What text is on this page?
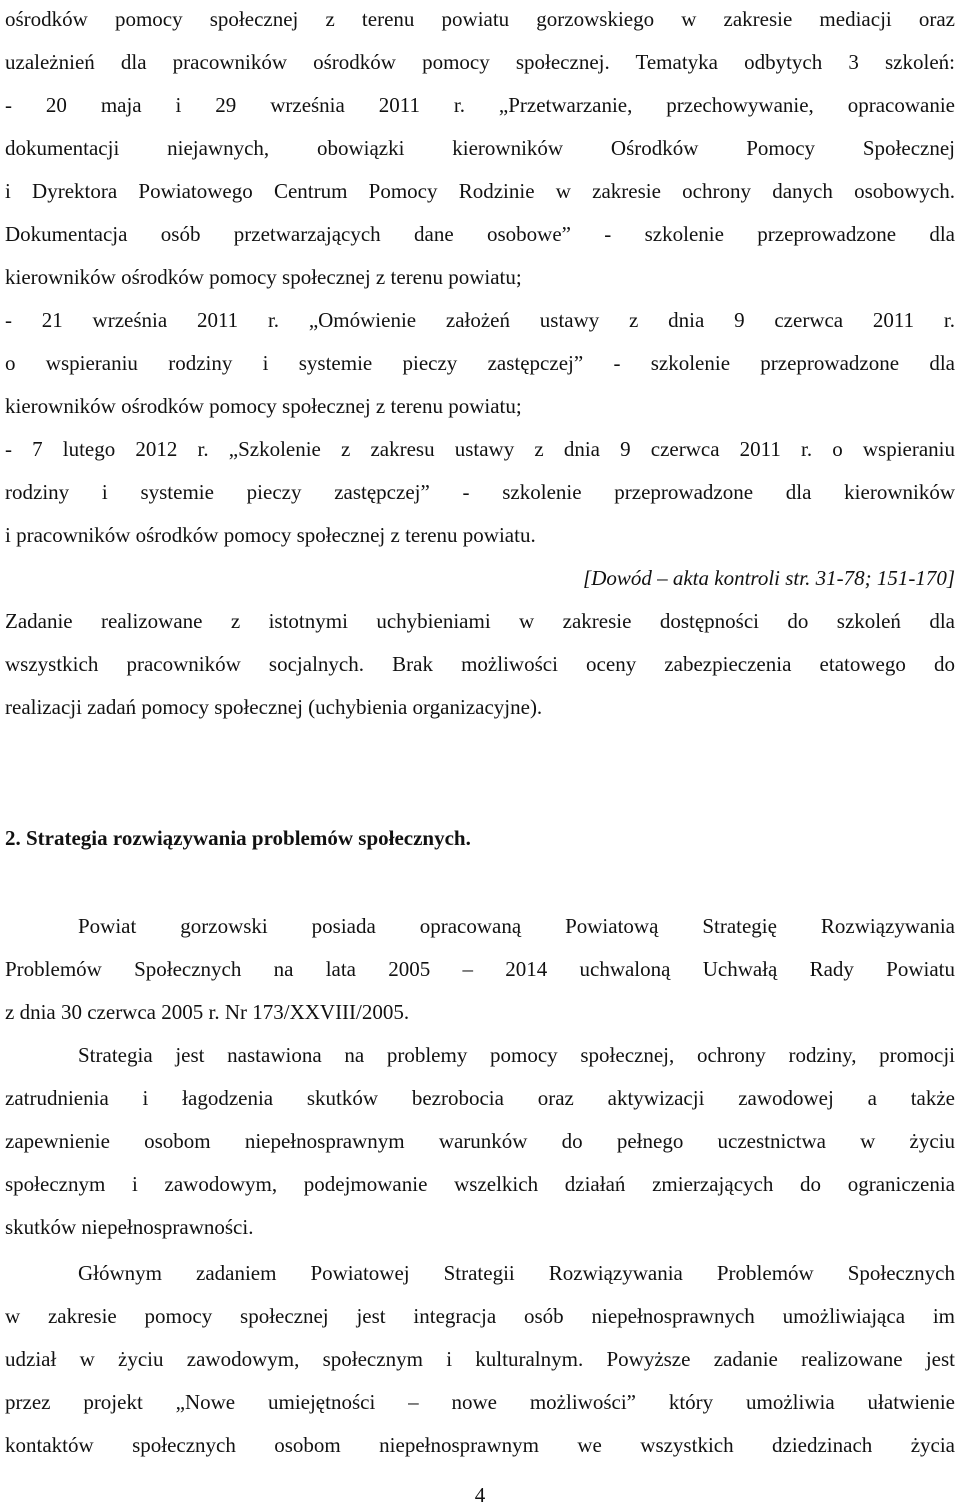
ośrodków pomocy społecznej z terenu powiatu gorzowskiego w zakresie mediacji oraz
uzależnień dla pracowników ośrodków pomocy społecznej. Tematyka odbytych 3 szkoleń:
- 20 maja i 29 września 2011 r. „Przetwarzanie, przechowywanie, opracowanie
dokumentacji niejawnych, obowiązki kierowników Ośrodków Pomocy Społecznej
i Dyrektora Powiatowego Centrum Pomocy Rodzinie w zakresie ochrony danych osobowych.
Dokumentacja osób przetwarzających dane osobowe” - szkolenie przeprowadzone dla
kierowników ośrodków pomocy społecznej z terenu powiatu;
- 21 września 2011 r. „Omówienie założeń ustawy z dnia 9 czerwca 2011 r.
o wspieraniu rodziny i systemie pieczy zastępczej” - szkolenie przeprowadzone dla
kierowników ośrodków pomocy społecznej z terenu powiatu;
- 7 lutego 2012 r. „Szkolenie z zakresu ustawy z dnia 9 czerwca 2011 r. o wspieraniu
rodziny i systemie pieczy zastępczej” - szkolenie przeprowadzone dla kierowników
i pracowników ośrodków pomocy społecznej z terenu powiatu.
[Dowód – akta kontroli str. 31-78; 151-170]
Zadanie realizowane z istotnymi uchybieniami w zakresie dostępności do szkoleń dla
wszystkich pracowników socjalnych. Brak możliwości oceny zabezpieczenia etatowego do
realizacji zadań pomocy społecznej (uchybienia organizacyjne).
2. Strategia rozwiązywania problemów społecznych.
Powiat gorzowski posiada opracowaną Powiatową Strategię Rozwiązywania
Problemów Społecznych na lata 2005 – 2014 uchwaloną Uchwałą Rady Powiatu
z dnia 30 czerwca 2005 r. Nr 173/XXVIII/2005.
Strategia jest nastawiona na problemy pomocy społecznej, ochrony rodziny, promocji
zatrudnienia i łagodzenia skutków bezrobocia oraz aktywizacji zawodowej a także
zapewnienie osobom niepełnosprawnym warunków do pełnego uczestnictwa w życiu
społecznym i zawodowym, podejmowanie wszelkich działań zmierzających do ograniczenia
skutków niepełnosprawności.
Głównym zadaniem Powiatowej Strategii Rozwiązywania Problemów Społecznych
w zakresie pomocy społecznej jest integracja osób niepełnosprawnych umożliwiająca im
udział w życiu zawodowym, społecznym i kulturalnym. Powyższe zadanie realizowane jest
przez projekt „Nowe umiejętności – nowe możliwości” który umożliwia ułatwienie
kontaktów społecznych osobom niepełnosprawnym we wszystkich dziedzinach życia
4
